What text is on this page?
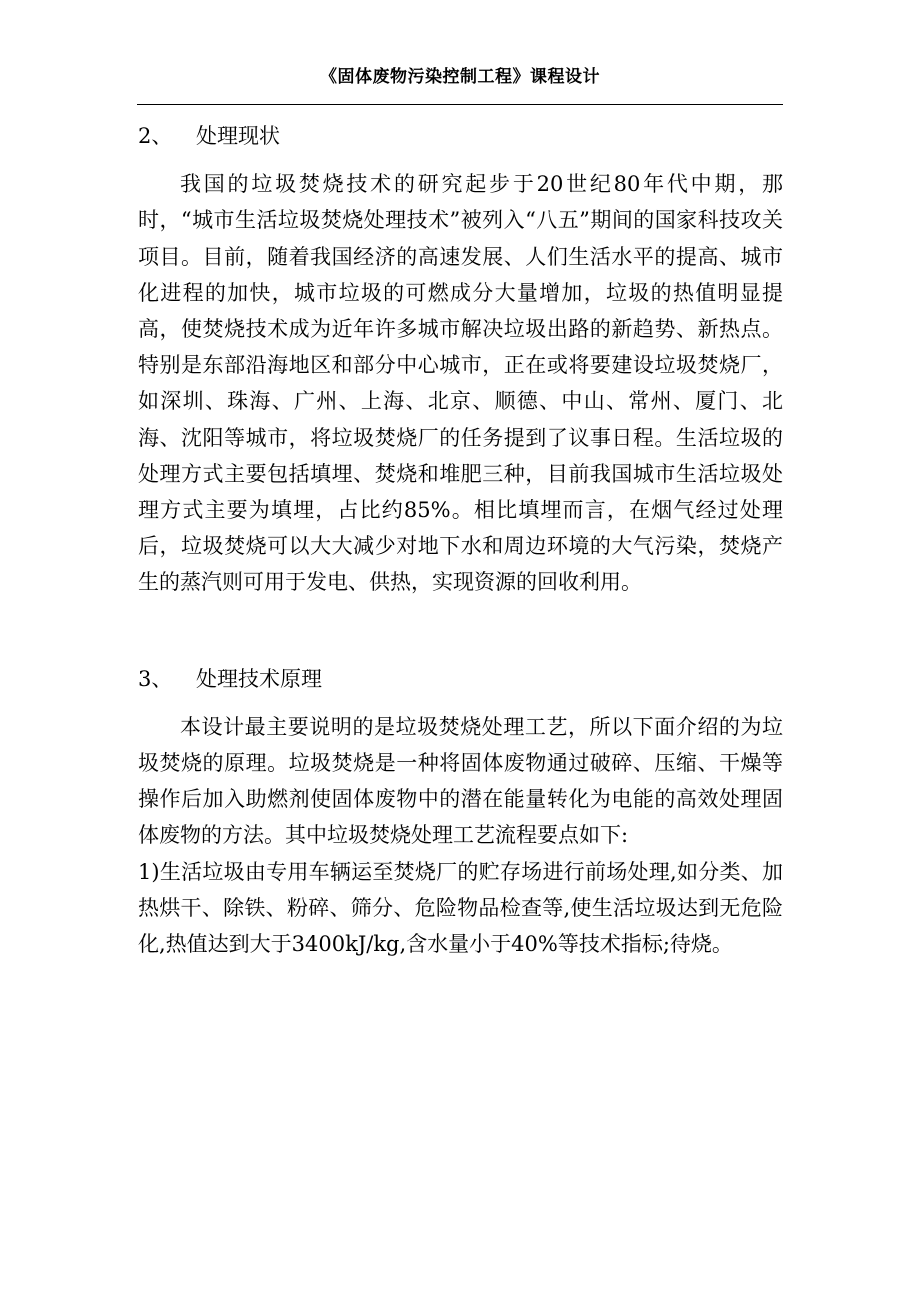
《固体废物污染控制工程》课程设计
2、	处理现状

我国的垃圾焚烧技术的研究起步于20世纪80年代中期，那时，“城市生活垃圾焚烧处理技术”被列入“八五”期间的国家科技攻关项目。目前，随着我国经济的高速发展、人们生活水平的提高、城市化进程的加快，城市垃圾的可燃成分大量增加，垃圾的热值明显提高，使焚烧技术成为近年许多城市解决垃圾出路的新趋势、新热点。特别是东部沿海地区和部分中心城市，正在或将要建设垃圾焚烧厂，如深圳、珠海、广州、上海、北京、顺德、中山、常州、厦门、北海、沈阳等城市，将垃圾焚烧厂的任务提到了议事日程。生活垃圾的处理方式主要包括填埋、焚烧和堆肥三种，目前我国城市生活垃圾处理方式主要为填埋，占比约85%。相比填埋而言，在烟气经过处理后，垃圾焚烧可以大大减少对地下水和周边环境的大气污染，焚烧产生的蒸汽则可用于发电、供热，实现资源的回收利用。

3、	处理技术原理

本设计最主要说明的是垃圾焚烧处理工艺，所以下面介绍的为垃圾焚烧的原理。垃圾焚烧是一种将固体废物通过破碎、压缩、干燥等操作后加入助燃剂使固体废物中的潜在能量转化为电能的高效处理固体废物的方法。其中垃圾焚烧处理工艺流程要点如下:

1)生活垃圾由专用车辆运至焚烧厂的贮存场进行前场处理,如分类、加热烘干、除铁、粉碎、筛分、危险物品检查等,使生活垃圾达到无危险化,热值达到大于3400kJ/kg,含水量小于40%等技术指标;待烧。
